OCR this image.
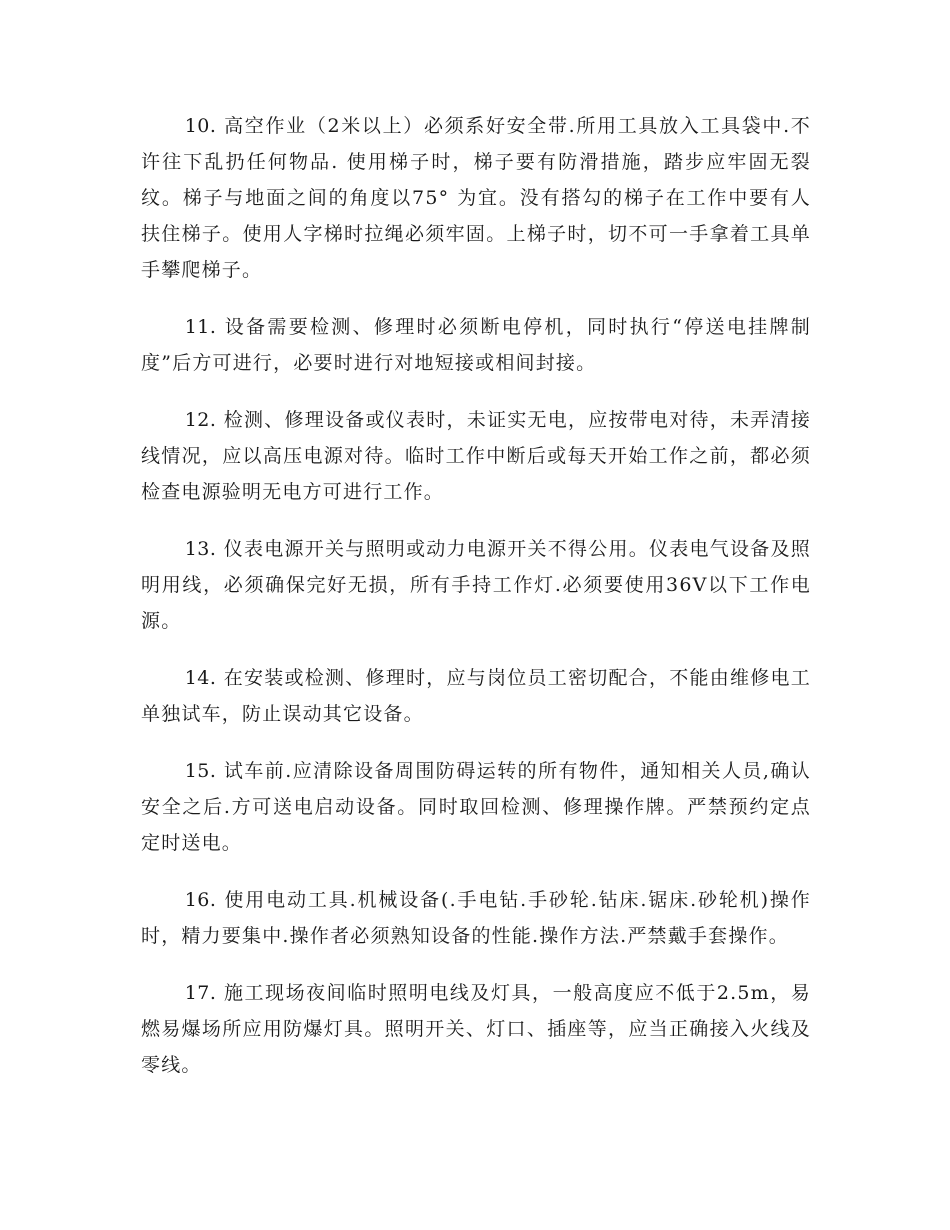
10. 高空作业（2米以上）必须系好安全带.所用工具放入工具袋中.不许往下乱扔任何物品. 使用梯子时，梯子要有防滑措施，踏步应牢固无裂纹。梯子与地面之间的角度以75° 为宜。没有搭勾的梯子在工作中要有人扶住梯子。使用人字梯时拉绳必须牢固。上梯子时，切不可一手拿着工具单手攀爬梯子。

11. 设备需要检测、修理时必须断电停机，同时执行“停送电挂牌制度”后方可进行，必要时进行对地短接或相间封接。

12. 检测、修理设备或仪表时，未证实无电，应按带电对待，未弄清接线情况，应以高压电源对待。临时工作中断后或每天开始工作之前，都必须检查电源验明无电方可进行工作。

13. 仪表电源开关与照明或动力电源开关不得公用。仪表电气设备及照明用线，必须确保完好无损，所有手持工作灯.必须要使用36V以下工作电源。

14. 在安装或检测、修理时，应与岗位员工密切配合，不能由维修电工单独试车，防止误动其它设备。

15. 试车前.应清除设备周围防碍运转的所有物件，通知相关人员,确认安全之后.方可送电启动设备。同时取回检测、修理操作牌。严禁预约定点定时送电。

16. 使用电动工具.机械设备(.手电钻.手砂轮.钻床.锯床.砂轮机)操作时，精力要集中.操作者必须熟知设备的性能.操作方法.严禁戴手套操作。

17. 施工现场夜间临时照明电线及灯具，一般高度应不低于2.5m，易燃易爆场所应用防爆灯具。照明开关、灯口、插座等，应当正确接入火线及零线。
